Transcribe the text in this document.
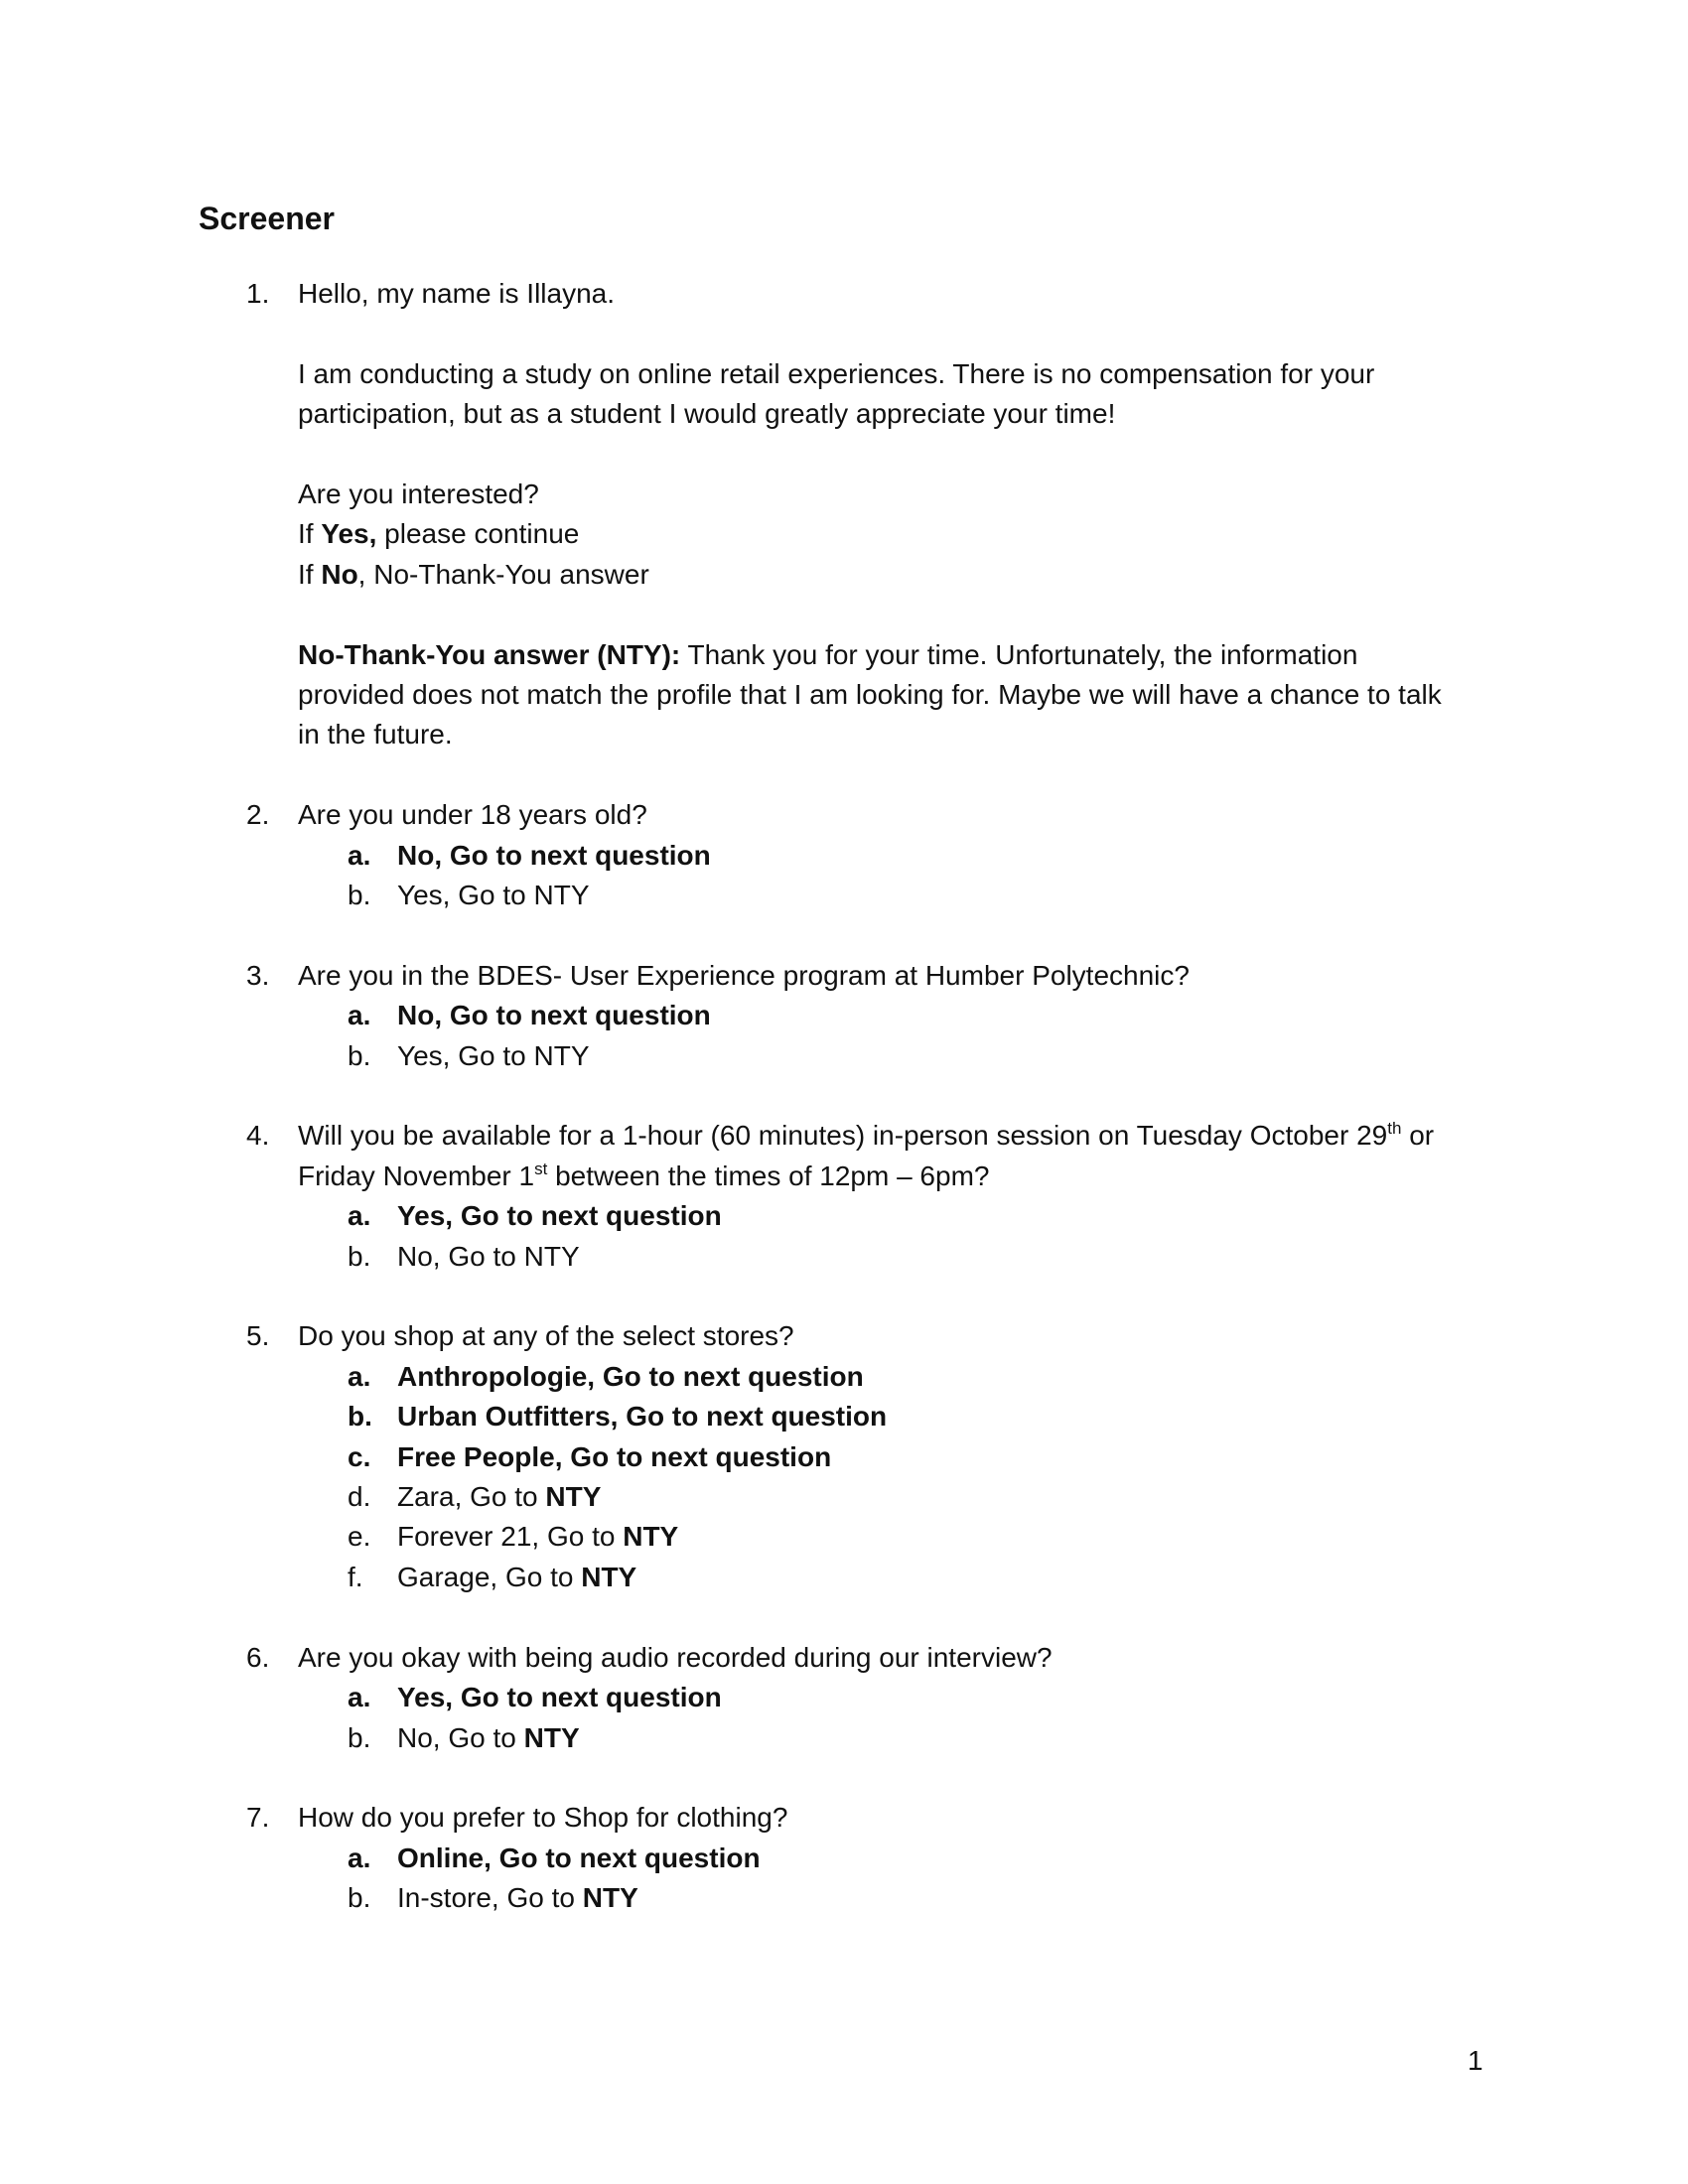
Screener
1.	Hello, my name is Illayna.
I am conducting a study on online retail experiences. There is no compensation for your participation, but as a student I would greatly appreciate your time!
Are you interested?
If Yes, please continue
If No, No-Thank-You answer
No-Thank-You answer (NTY): Thank you for your time. Unfortunately, the information provided does not match the profile that I am looking for. Maybe we will have a chance to talk in the future.
2.	Are you under 18 years old?
a. No, Go to next question
b. Yes, Go to NTY
3.	Are you in the BDES- User Experience program at Humber Polytechnic?
a. No, Go to next question
b. Yes, Go to NTY
4.	Will you be available for a 1-hour (60 minutes) in-person session on Tuesday October 29th or Friday November 1st between the times of 12pm – 6pm?
a. Yes, Go to next question
b. No, Go to NTY
5.	Do you shop at any of the select stores?
a. Anthropologie, Go to next question
b. Urban Outfitters, Go to next question
c. Free People, Go to next question
d. Zara, Go to NTY
e. Forever 21, Go to NTY
f. Garage, Go to NTY
6.	Are you okay with being audio recorded during our interview?
a. Yes, Go to next question
b. No, Go to NTY
7.	How do you prefer to Shop for clothing?
a. Online, Go to next question
b. In-store, Go to NTY
1
